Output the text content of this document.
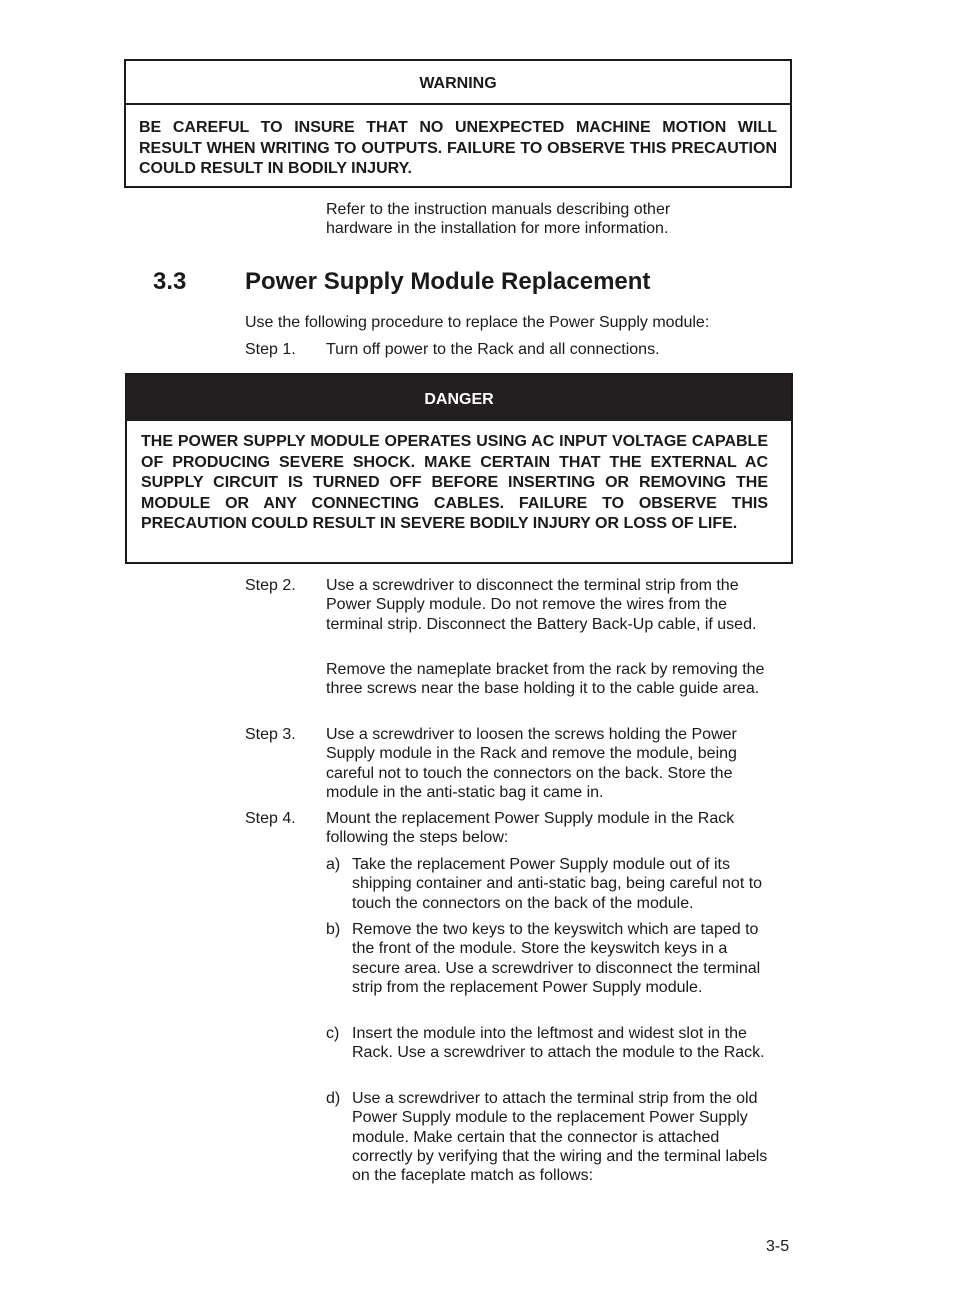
WARNING
BE CAREFUL TO INSURE THAT NO UNEXPECTED MACHINE MOTION WILL RESULT WHEN WRITING TO OUTPUTS. FAILURE TO OBSERVE THIS PRECAUTION COULD RESULT IN BODILY INJURY.

Refer to the instruction manuals describing other hardware in the installation for more information.

3.3 Power Supply Module Replacement

Use the following procedure to replace the Power Supply module:

Step 1. Turn off power to the Rack and all connections.

DANGER
THE POWER SUPPLY MODULE OPERATES USING AC INPUT VOLTAGE CAPABLE OF PRODUCING SEVERE SHOCK. MAKE CERTAIN THAT THE EXTERNAL AC SUPPLY CIRCUIT IS TURNED OFF BEFORE INSERTING OR REMOVING THE MODULE OR ANY CONNECTING CABLES. FAILURE TO OBSERVE THIS PRECAUTION COULD RESULT IN SEVERE BODILY INJURY OR LOSS OF LIFE.
Step 2. Use a screwdriver to disconnect the terminal strip from the Power Supply module. Do not remove the wires from the terminal strip. Disconnect the Battery Back-Up cable, if used.

Remove the nameplate bracket from the rack by removing the three screws near the base holding it to the cable guide area.

Step 3. Use a screwdriver to loosen the screws holding the Power Supply module in the Rack and remove the module, being careful not to touch the connectors on the back. Store the module in the anti-static bag it came in.

Step 4. Mount the replacement Power Supply module in the Rack following the steps below:

a) Take the replacement Power Supply module out of its shipping container and anti-static bag, being careful not to touch the connectors on the back of the module.

b) Remove the two keys to the keyswitch which are taped to the front of the module. Store the keyswitch keys in a secure area. Use a screwdriver to disconnect the terminal strip from the replacement Power Supply module.

c) Insert the module into the leftmost and widest slot in the Rack. Use a screwdriver to attach the module to the Rack.

d) Use a screwdriver to attach the terminal strip from the old Power Supply module to the replacement Power Supply module. Make certain that the connector is attached correctly by verifying that the wiring and the terminal labels on the faceplate match as follows:

3-5
